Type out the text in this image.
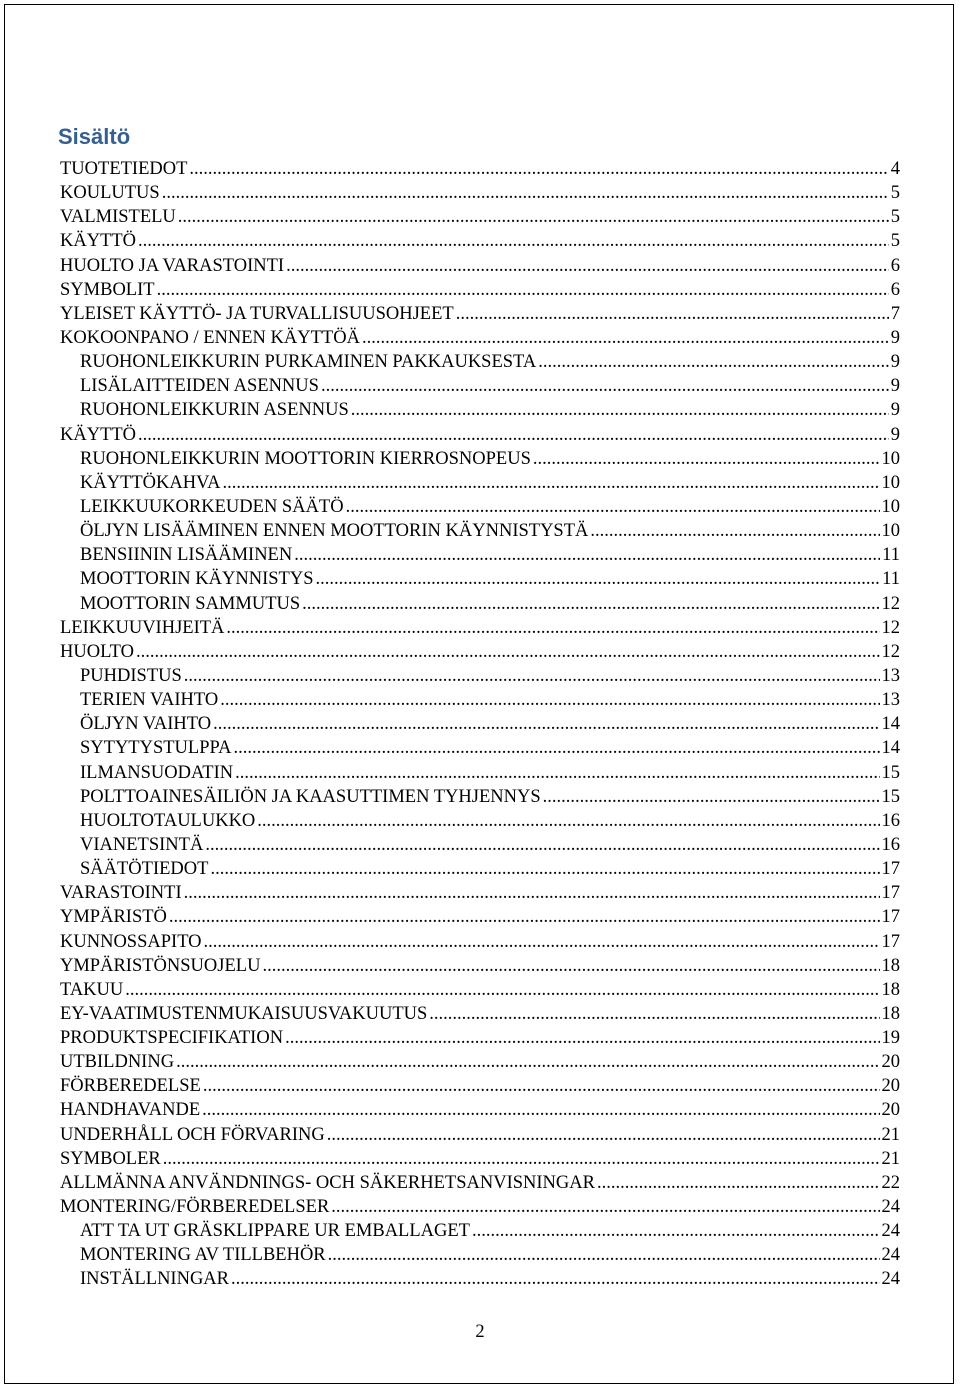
Sisältö
TUOTETIEDOT .....	4
KOULUTUS .....	5
VALMISTELU .....	5
KÄYTTÖ .....	5
HUOLTO JA VARASTOINTI .....	6
SYMBOLIT .....	6
YLEISET KÄYTTÖ- JA TURVALLISUUSOHJEET .....	7
KOKOONPANO / ENNEN KÄYTTÖÄ .....	9
RUOHONLEIKKURIN PURKAMINEN PAKKAUKSESTA .....	9
LISÄLAITTEIDEN ASENNUS .....	9
RUOHONLEIKKURIN ASENNUS .....	9
KÄYTTÖ .....	9
RUOHONLEIKKURIN MOOTTORIN KIERROSNOPEUS .....	10
KÄYTTÖKAHVA .....	10
LEIKKUUKORKEUDEN SÄÄTÖ .....	10
ÖLJYN LISÄÄMINEN ENNEN MOOTTORIN KÄYNNISTYSTÄ .....	10
BENSIININ LISÄÄMINEN .....	11
MOOTTORIN KÄYNNISTYS .....	11
MOOTTORIN SAMMUTUS .....	12
LEIKKUUVIHJEITÄ .....	12
HUOLTO .....	12
PUHDISTUS .....	13
TERIEN VAIHTO .....	13
ÖLJYN VAIHTO .....	14
SYTYTYSTULPPA .....	14
ILMANSUODATIN .....	15
POLTTOAINESÄILIÖN JA KAASUTTIMEN TYHJENNYS .....	15
HUOLTOTAULUKKO .....	16
VIANETSINTÄ .....	16
SÄÄTÖTIEDOT .....	17
VARASTOINTI .....	17
YMPÄRISTÖ .....	17
KUNNOSSAPITO .....	17
YMPÄRISTÖNSUOJELU .....	18
TAKUU .....	18
EY-VAATIMUSTENMUKAISUUSVAKUUTUS .....	18
PRODUKTSPECIFIKATION .....	19
UTBILDNING .....	20
FÖRBEREDELSE .....	20
HANDHAVANDE .....	20
UNDERHÅLL OCH FÖRVARING .....	21
SYMBOLER .....	21
ALLMÄNNA ANVÄNDNINGS- OCH SÄKERHETSANVISNINGAR .....	22
MONTERING/FÖRBEREDELSER .....	24
ATT TA UT GRÄSKLIPPARE UR EMBALLAGET .....	24
MONTERING AV TILLBEHÖR .....	24
INSTÄLLNINGAR .....	24
2
